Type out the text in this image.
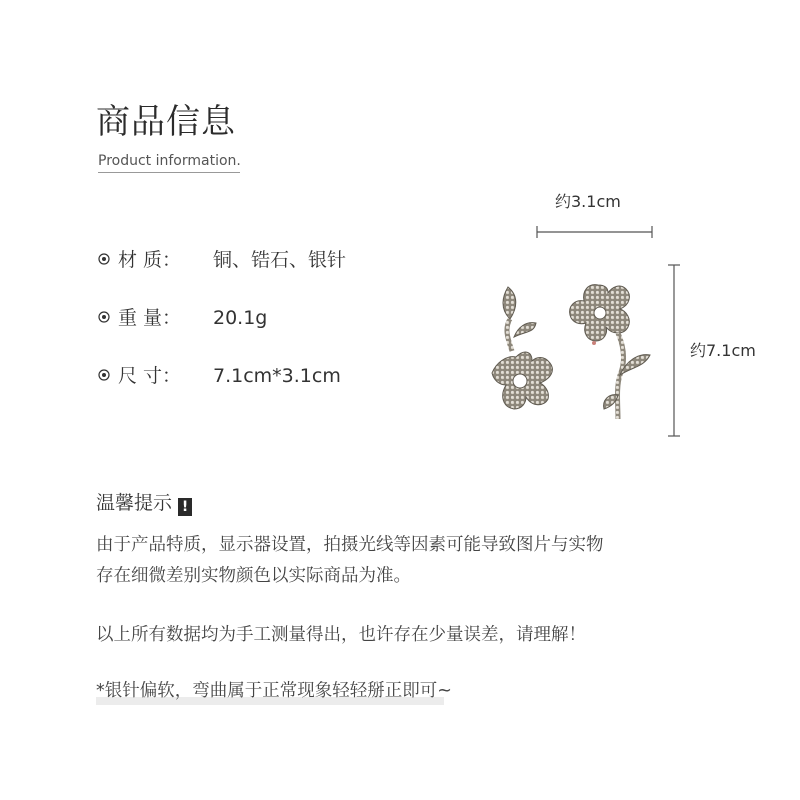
商品信息
Product information.
材 质：	铜、锆石、银针
重 量：	20.1g
尺 寸：	7.1cm*3.1cm
约3.1cm
约7.1cm
温馨提示 !
由于产品特质，显示器设置，拍摄光线等因素可能导致图片与实物
存在细微差别实物颜色以实际商品为准。
以上所有数据均为手工测量得出，也许存在少量误差，请理解！
*银针偏软，弯曲属于正常现象轻轻掰正即可~
